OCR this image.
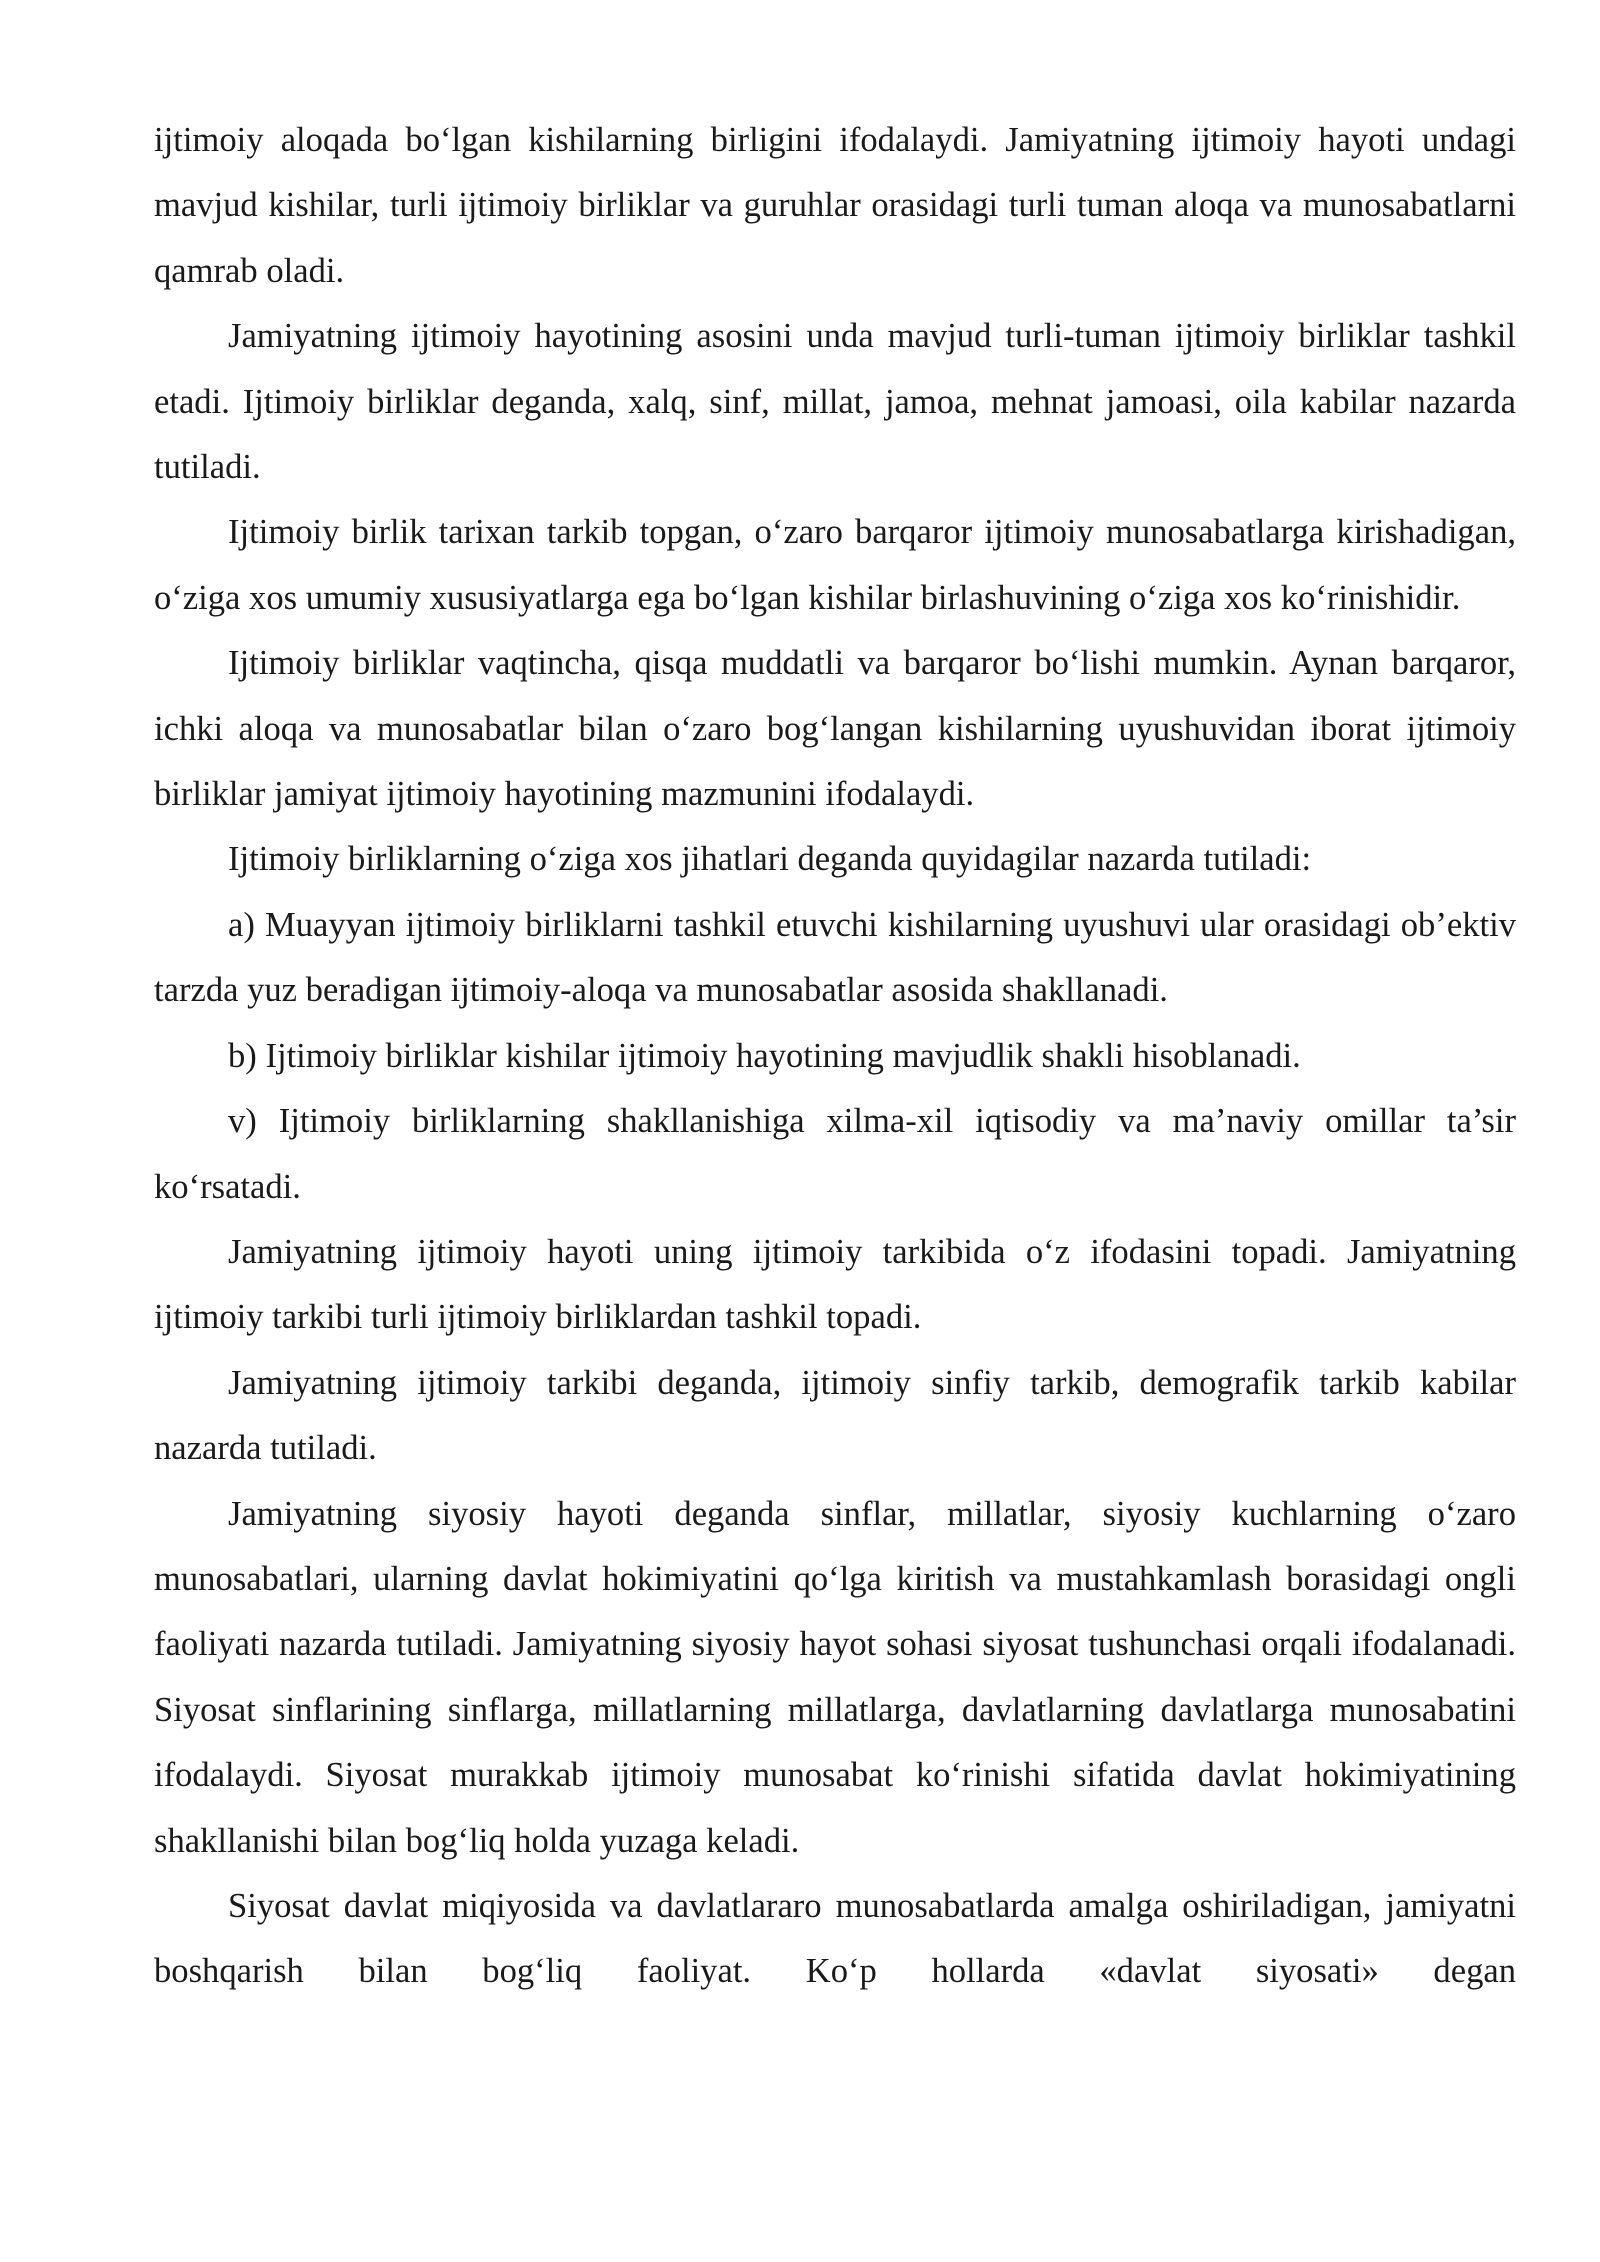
ijtimoiy aloqada bo‘lgan kishilarning birligini ifodalaydi. Jamiyatning ijtimoiy hayoti undagi mavjud kishilar, turli ijtimoiy birliklar va guruhlar orasidagi turli tuman aloqa va munosabatlarni qamrab oladi.

Jamiyatning ijtimoiy hayotining asosini unda mavjud turli-tuman ijtimoiy birliklar tashkil etadi. Ijtimoiy birliklar deganda, xalq, sinf, millat, jamoa, mehnat jamoasi, oila kabilar nazarda tutiladi.

Ijtimoiy birlik tarixan tarkib topgan, o‘zaro barqaror ijtimoiy munosabatlarga kirishadigan, o‘ziga xos umumiy xususiyatlarga ega bo‘lgan kishilar birlashuvining o‘ziga xos ko‘rinishidir.

Ijtimoiy birliklar vaqtincha, qisqa muddatli va barqaror bo‘lishi mumkin. Aynan barqaror, ichki aloqa va munosabatlar bilan o‘zaro bog‘langan kishilarning uyushuvidan iborat ijtimoiy birliklar jamiyat ijtimoiy hayotining mazmunini ifodalaydi.

Ijtimoiy birliklarning o‘ziga xos jihatlari deganda quyidagilar nazarda tutiladi:

a) Muayyan ijtimoiy birliklarni tashkil etuvchi kishilarning uyushuvi ular orasidagi ob’ektiv tarzda yuz beradigan ijtimoiy-aloqa va munosabatlar asosida shakllanadi.

b) Ijtimoiy birliklar kishilar ijtimoiy hayotining mavjudlik shakli hisoblanadi.

v) Ijtimoiy birliklarning shakllanishiga xilma-xil iqtisodiy va ma’naviy omillar ta’sir ko‘rsatadi.

Jamiyatning ijtimoiy hayoti uning ijtimoiy tarkibida o‘z ifodasini topadi. Jamiyatning ijtimoiy tarkibi turli ijtimoiy birliklardan tashkil topadi.

Jamiyatning ijtimoiy tarkibi deganda, ijtimoiy sinfiy tarkib, demografik tarkib kabilar nazarda tutiladi.

Jamiyatning siyosiy hayoti deganda sinflar, millatlar, siyosiy kuchlarning o‘zaro munosabatlari, ularning davlat hokimiyatini qo‘lga kiritish va mustahkamlash borasidagi ongli faoliyati nazarda tutiladi. Jamiyatning siyosiy hayot sohasi siyosat tushunchasi orqali ifodalanadi. Siyosat sinflarining sinflarga, millatlarning millatlarga, davlatlarning davlatlarga munosabatini ifodalaydi. Siyosat murakkab ijtimoiy munosabat ko‘rinishi sifatida davlat hokimiyatining shakllanishi bilan bog‘liq holda yuzaga keladi.

Siyosat davlat miqiyosida va davlatlararo munosabatlarda amalga oshiriladigan, jamiyatni boshqarish bilan bog‘liq faoliyat. Ko‘p hollarda «davlat siyosati» degan
